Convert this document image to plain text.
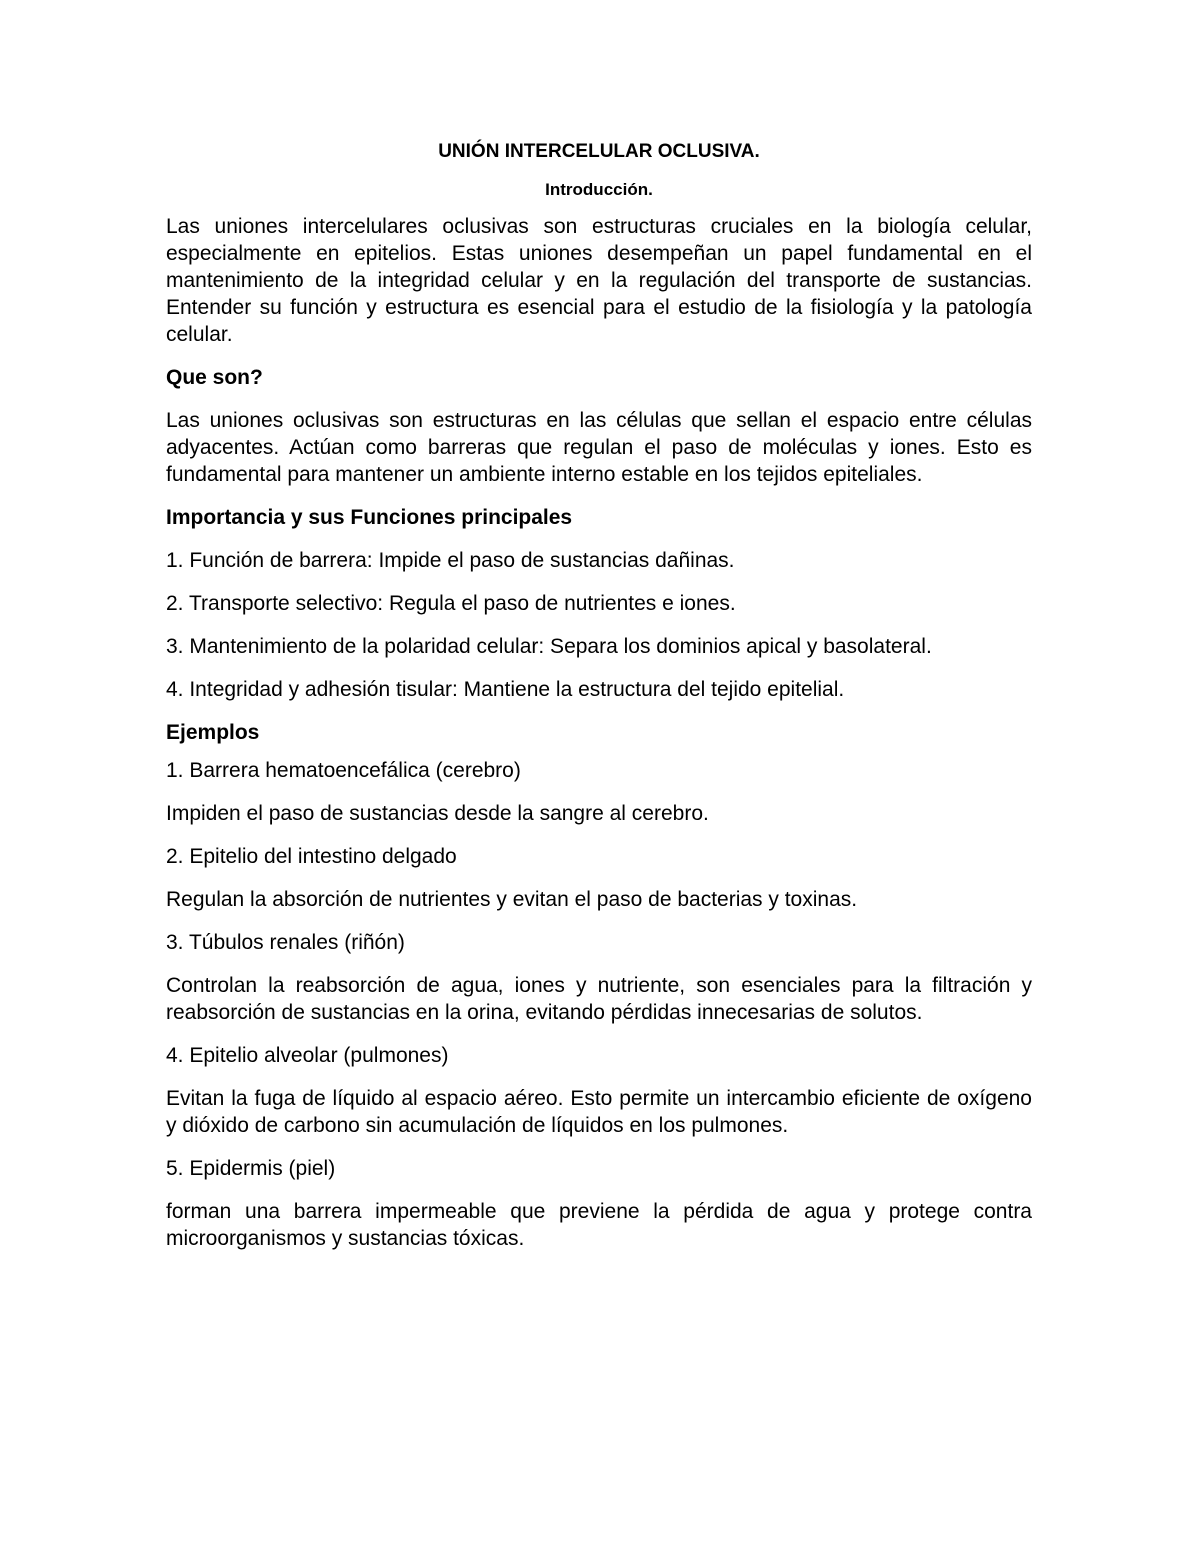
UNIÓN INTERCELULAR OCLUSIVA.
Introducción.
Las uniones intercelulares oclusivas son estructuras cruciales en la biología celular, especialmente en epitelios. Estas uniones desempeñan un papel fundamental en el mantenimiento de la integridad celular y en la regulación del transporte de sustancias. Entender su función y estructura es esencial para el estudio de la fisiología y la patología celular.
Que son?
Las uniones oclusivas son estructuras en las células que sellan el espacio entre células adyacentes. Actúan como barreras que regulan el paso de moléculas y iones. Esto es fundamental para mantener un ambiente interno estable en los tejidos epiteliales.
Importancia y sus Funciones principales
1. Función de barrera: Impide el paso de sustancias dañinas.
2. Transporte selectivo: Regula el paso de nutrientes e iones.
3. Mantenimiento de la polaridad celular: Separa los dominios apical y basolateral.
4. Integridad y adhesión tisular: Mantiene la estructura del tejido epitelial.
Ejemplos
1. Barrera hematoencefálica (cerebro)
Impiden el paso de sustancias desde la sangre al cerebro.
2. Epitelio del intestino delgado
Regulan la absorción de nutrientes y evitan el paso de bacterias y toxinas.
3. Túbulos renales (riñón)
Controlan la reabsorción de agua, iones y nutriente, son esenciales para la filtración y reabsorción de sustancias en la orina, evitando pérdidas innecesarias de solutos.
4. Epitelio alveolar (pulmones)
Evitan la fuga de líquido al espacio aéreo. Esto permite un intercambio eficiente de oxígeno y dióxido de carbono sin acumulación de líquidos en los pulmones.
5. Epidermis (piel)
forman una barrera impermeable que previene la pérdida de agua y protege contra microorganismos y sustancias tóxicas.
